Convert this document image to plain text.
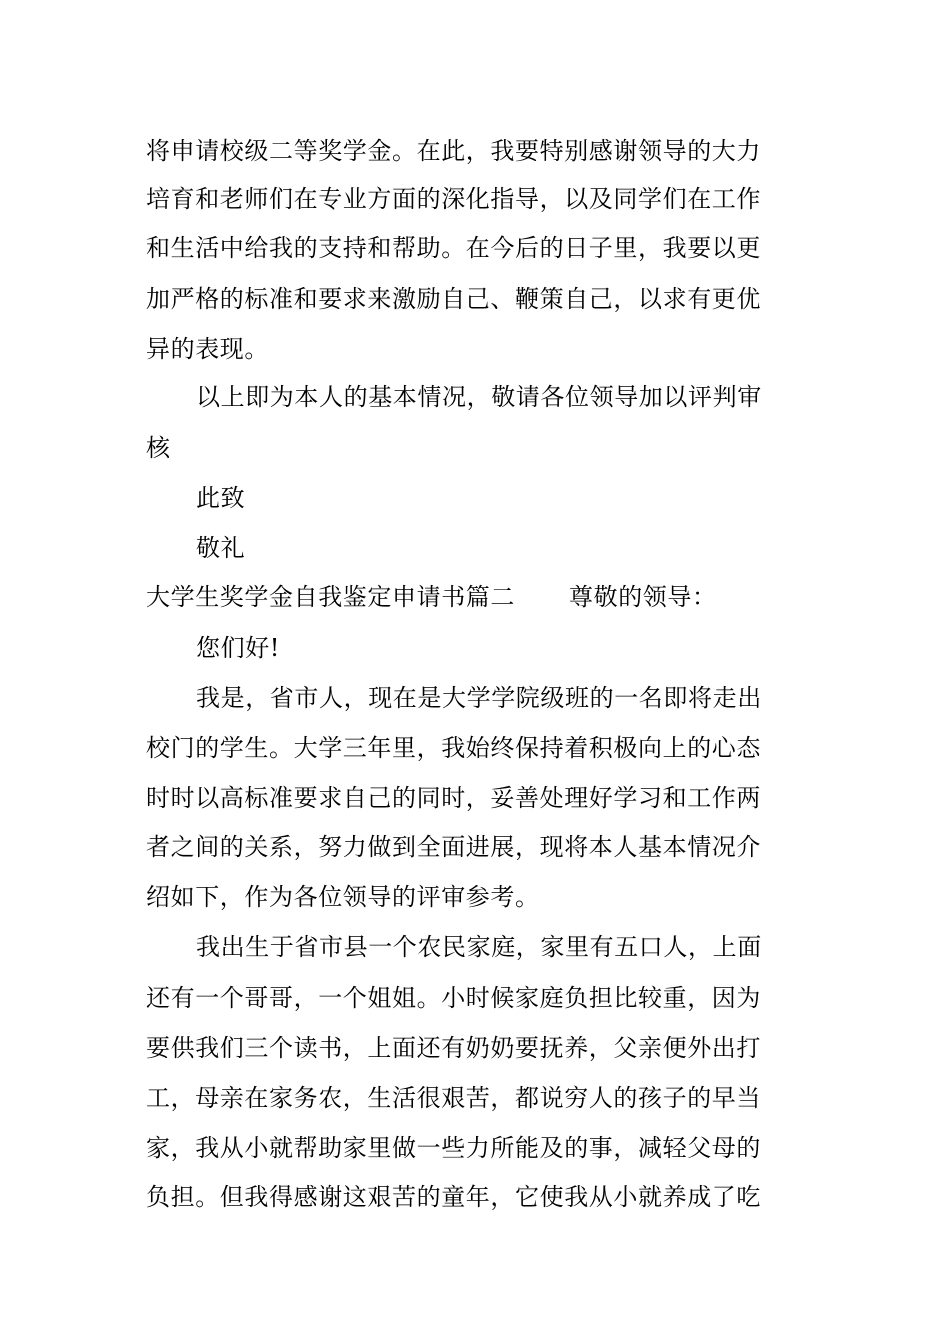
将申请校级二等奖学金。在此，我要特别感谢领导的大力
培育和老师们在专业方面的深化指导，以及同学们在工作
和生活中给我的支持和帮助。在今后的日子里，我要以更
加严格的标准和要求来激励自己、鞭策自己，以求有更优
异的表现。
以上即为本人的基本情况，敬请各位领导加以评判审
核
此致
敬礼
大学生奖学金自我鉴定申请书篇二 尊敬的领导：
您们好!
我是，省市人，现在是大学学院级班的一名即将走出
校门的学生。大学三年里，我始终保持着积极向上的心态
时时以高标准要求自己的同时，妥善处理好学习和工作两
者之间的关系，努力做到全面进展，现将本人基本情况介
绍如下，作为各位领导的评审参考。
我出生于省市县一个农民家庭，家里有五口人，上面
还有一个哥哥，一个姐姐。小时候家庭负担比较重，因为
要供我们三个读书，上面还有奶奶要抚养，父亲便外出打
工，母亲在家务农，生活很艰苦，都说穷人的孩子的早当
家，我从小就帮助家里做一些力所能及的事，减轻父母的
负担。但我得感谢这艰苦的童年，它使我从小就养成了吃
